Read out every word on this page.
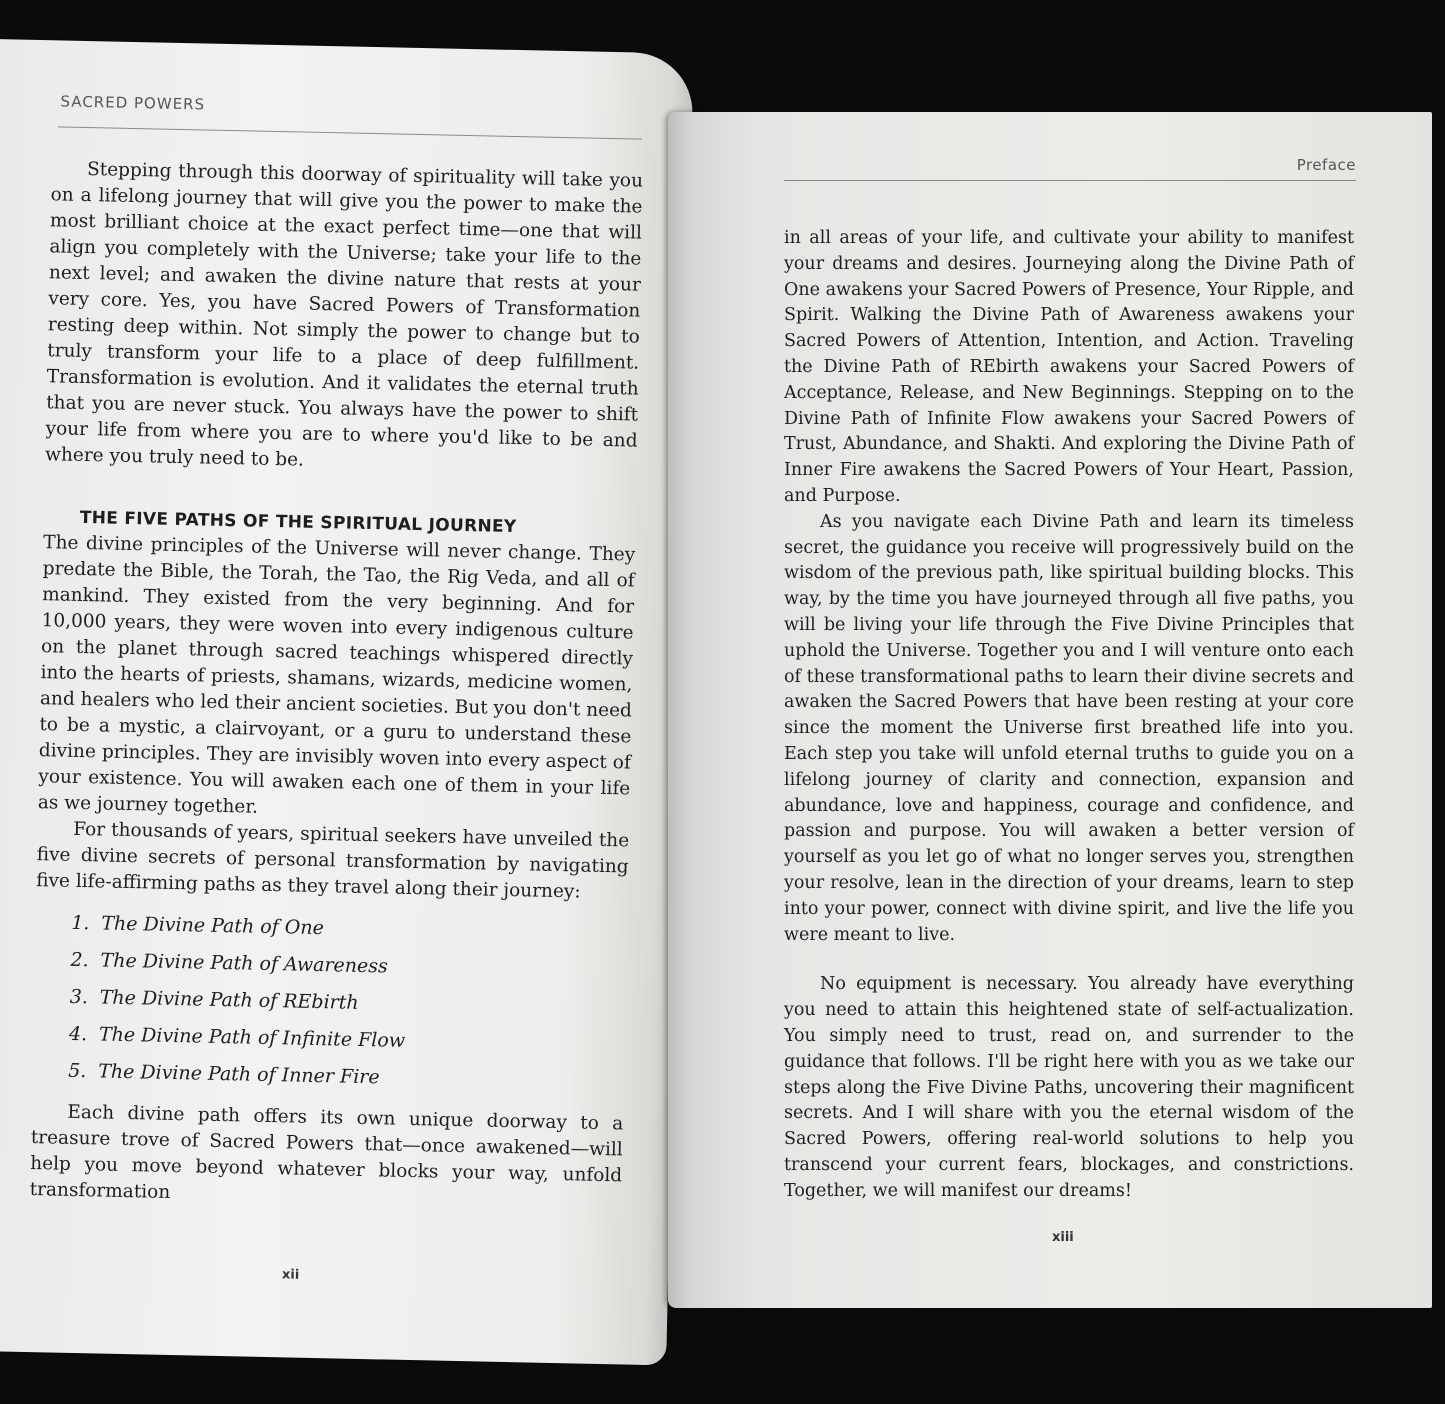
SACRED POWERS

Stepping through this doorway of spirituality will take you on a lifelong journey that will give you the power to make the most brilliant choice at the exact perfect time—one that will align you completely with the Universe; take your life to the next level; and awaken the divine nature that rests at your very core. Yes, you have Sacred Powers of Transformation resting deep within. Not simply the power to change but to truly transform your life to a place of deep fulfillment. Transformation is evolution. And it validates the eternal truth that you are never stuck. You always have the power to shift your life from where you are to where you'd like to be and where you truly need to be.

THE FIVE PATHS OF THE SPIRITUAL JOURNEY

The divine principles of the Universe will never change. They predate the Bible, the Torah, the Tao, the Rig Veda, and all of mankind. They existed from the very beginning. And for 10,000 years, they were woven into every indigenous culture on the planet through sacred teachings whispered directly into the hearts of priests, shamans, wizards, medicine women, and healers who led their ancient societies. But you don't need to be a mystic, a clairvoyant, or a guru to understand these divine principles. They are invisibly woven into every aspect of your existence. You will awaken each one of them in your life as we journey together.

For thousands of years, spiritual seekers have unveiled the five divine secrets of personal transformation by navigating five life-affirming paths as they travel along their journey:

1. The Divine Path of One
2. The Divine Path of Awareness
3. The Divine Path of REbirth
4. The Divine Path of Infinite Flow
5. The Divine Path of Inner Fire

Each divine path offers its own unique doorway to a treasure trove of Sacred Powers that—once awakened—will help you move beyond whatever blocks your way, unfold transformation

xii
Preface

in all areas of your life, and cultivate your ability to manifest your dreams and desires. Journeying along the Divine Path of One awakens your Sacred Powers of Presence, Your Ripple, and Spirit. Walking the Divine Path of Awareness awakens your Sacred Powers of Attention, Intention, and Action. Traveling the Divine Path of REbirth awakens your Sacred Powers of Acceptance, Release, and New Beginnings. Stepping on to the Divine Path of Infinite Flow awakens your Sacred Powers of Trust, Abundance, and Shakti. And exploring the Divine Path of Inner Fire awakens the Sacred Powers of Your Heart, Passion, and Purpose.

As you navigate each Divine Path and learn its timeless secret, the guidance you receive will progressively build on the wisdom of the previous path, like spiritual building blocks. This way, by the time you have journeyed through all five paths, you will be living your life through the Five Divine Principles that uphold the Universe. Together you and I will venture onto each of these transformational paths to learn their divine secrets and awaken the Sacred Powers that have been resting at your core since the moment the Universe first breathed life into you. Each step you take will unfold eternal truths to guide you on a lifelong journey of clarity and connection, expansion and abundance, love and happiness, courage and confidence, and passion and purpose. You will awaken a better version of yourself as you let go of what no longer serves you, strengthen your resolve, lean in the direction of your dreams, learn to step into your power, connect with divine spirit, and live the life you were meant to live.

No equipment is necessary. You already have everything you need to attain this heightened state of self-actualization. You simply need to trust, read on, and surrender to the guidance that follows. I'll be right here with you as we take our steps along the Five Divine Paths, uncovering their magnificent secrets. And I will share with you the eternal wisdom of the Sacred Powers, offering real-world solutions to help you transcend your current fears, blockages, and constrictions. Together, we will manifest our dreams!

xiii
